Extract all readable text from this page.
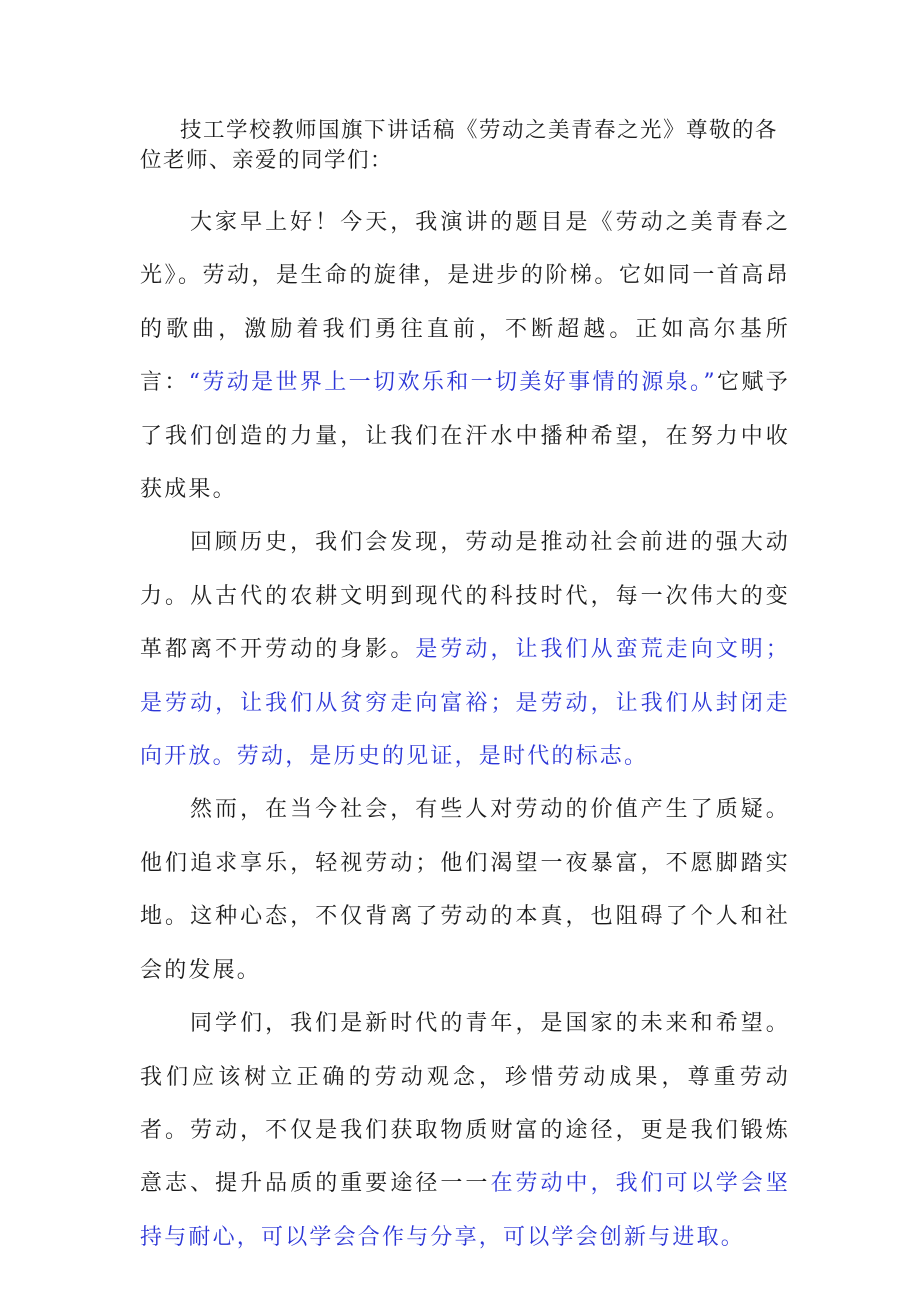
技工学校教师国旗下讲话稿《劳动之美青春之光》尊敬的各位老师、亲爱的同学们：

大家早上好！今天，我演讲的题目是《劳动之美青春之光》。劳动，是生命的旋律，是进步的阶梯。它如同一首高昂的歌曲，激励着我们勇往直前，不断超越。正如高尔基所言：“劳动是世界上一切欢乐和一切美好事情的源泉。”它赋予了我们创造的力量，让我们在汗水中播种希望，在努力中收获成果。

回顾历史，我们会发现，劳动是推动社会前进的强大动力。从古代的农耕文明到现代的科技时代，每一次伟大的变革都离不开劳动的身影。是劳动，让我们从蛮荒走向文明；是劳动，让我们从贫穷走向富裕；是劳动，让我们从封闭走向开放。劳动，是历史的见证，是时代的标志。

然而，在当今社会，有些人对劳动的价值产生了质疑。他们追求享乐，轻视劳动；他们渴望一夜暴富，不愿脚踏实地。这种心态，不仅背离了劳动的本真，也阻碍了个人和社会的发展。

同学们，我们是新时代的青年，是国家的未来和希望。我们应该树立正确的劳动观念，珍惜劳动成果，尊重劳动者。劳动，不仅是我们获取物质财富的途径，更是我们锻炼意志、提升品质的重要途径一一在劳动中，我们可以学会坚持与耐心，可以学会合作与分享，可以学会创新与进取。
